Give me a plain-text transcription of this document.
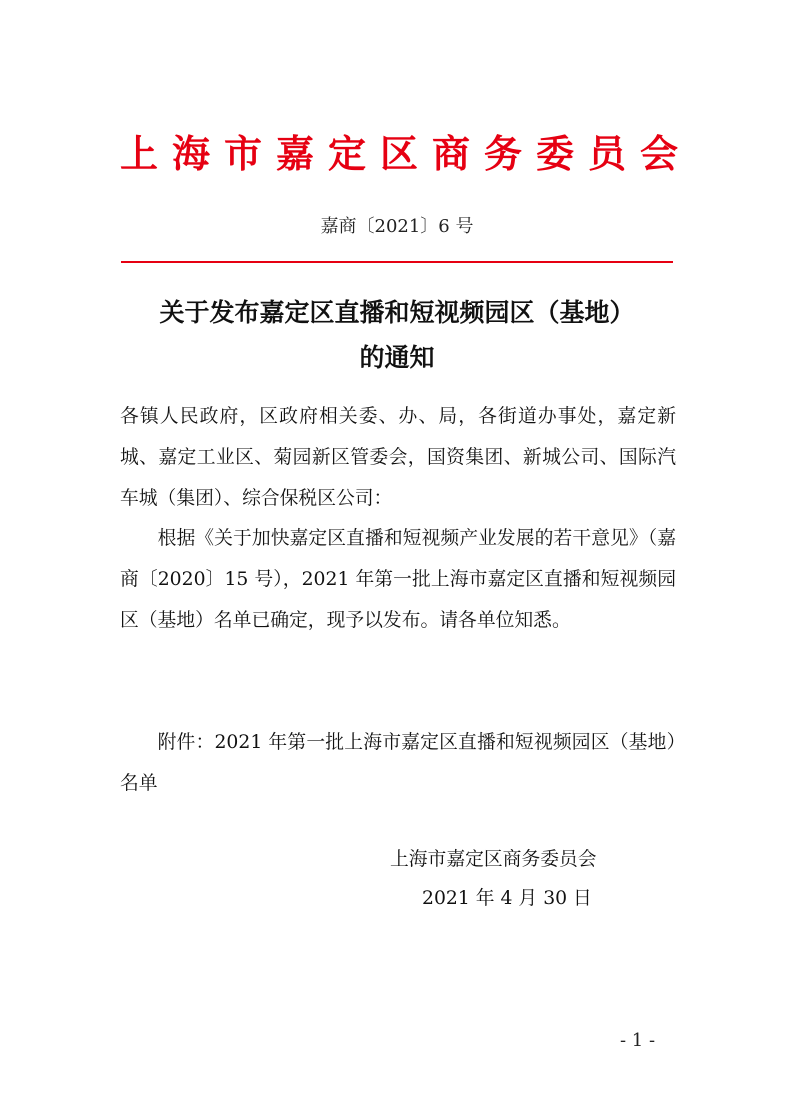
上海市嘉定区商务委员会
嘉商〔2021〕6 号
关于发布嘉定区直播和短视频园区（基地）
的通知

各镇人民政府，区政府相关委、办、局，各街道办事处，嘉定新城、嘉定工业区、菊园新区管委会，国资集团、新城公司、国际汽车城（集团）、综合保税区公司：

根据《关于加快嘉定区直播和短视频产业发展的若干意见》（嘉商〔2020〕15 号），2021 年第一批上海市嘉定区直播和短视频园区（基地）名单已确定，现予以发布。请各单位知悉。

附件：2021 年第一批上海市嘉定区直播和短视频园区（基地）名单

上海市嘉定区商务委员会
2021 年 4 月 30 日
- 1 -
